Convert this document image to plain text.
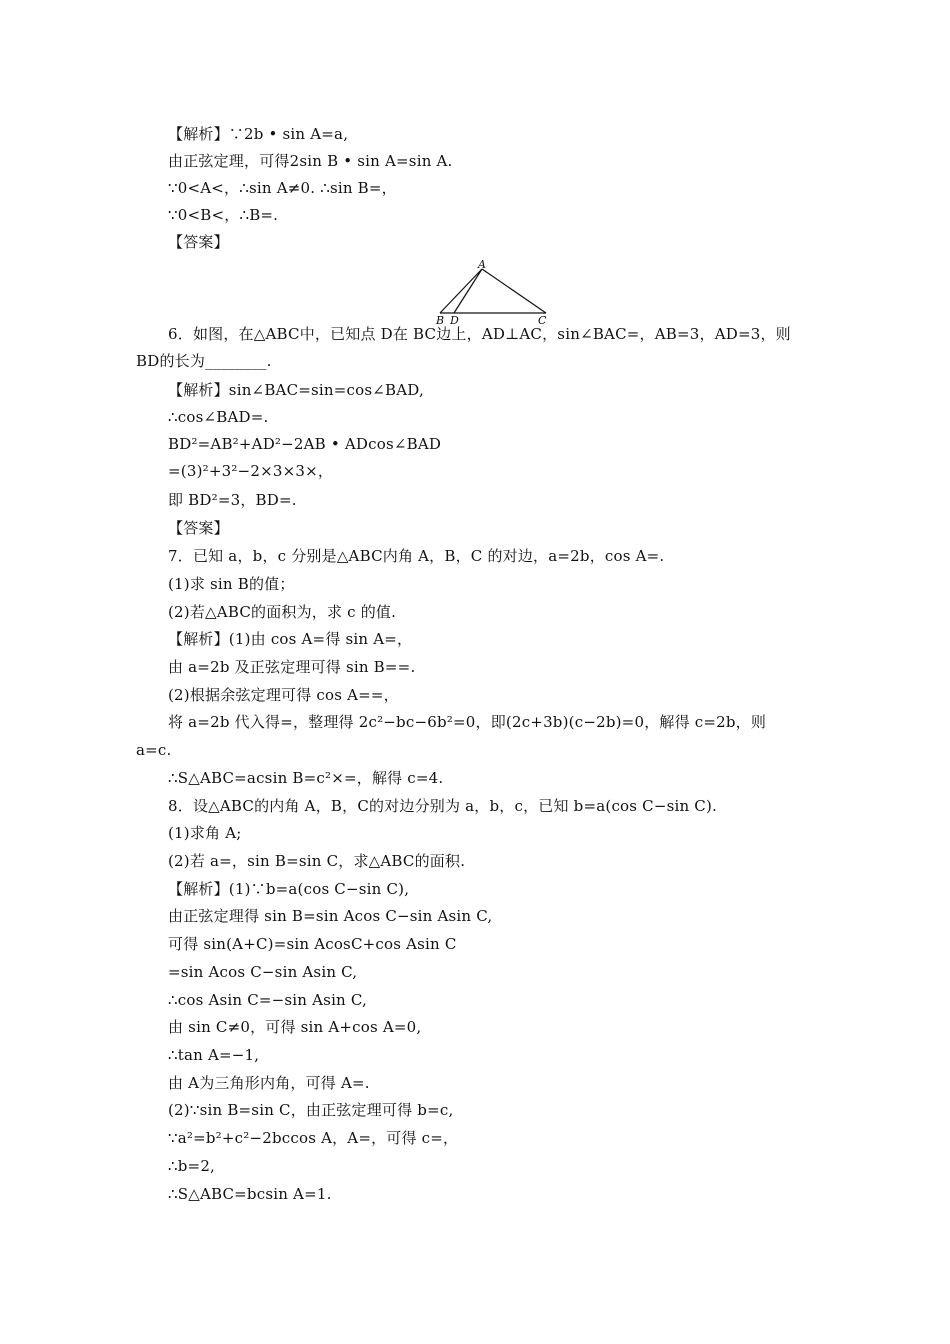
【解析】∵2b • sin A=a,
由正弦定理，可得2sin B • sin A=sin A.
∵0<A<，∴sin A≠0. ∴sin B=，
∵0<B<，∴B=.
【答案】
A
B D	C
6．如图，在△ABC中，已知点 D在 BC边上，AD⊥AC，sin∠BAC=，AB=3，AD=3，则
BD的长为________.
【解析】sin∠BAC=sin=cos∠BAD,
∴cos∠BAD=.
BD²=AB²+AD²−2AB • ADcos∠BAD
=(3)²+3²−2×3×3×，
即 BD²=3，BD=.
【答案】
7．已知 a，b，c 分别是△ABC内角 A，B，C 的对边，a=2b，cos A=.
(1)求 sin B的值；
(2)若△ABC的面积为，求 c 的值.
【解析】(1)由 cos A=得 sin A=，
由 a=2b 及正弦定理可得 sin B==.
(2)根据余弦定理可得 cos A==，
将 a=2b 代入得=，整理得 2c²−bc−6b²=0，即(2c+3b)(c−2b)=0，解得 c=2b，则
a=c.
∴S△ABC=acsin B=c²×=，解得 c=4.
8．设△ABC的内角 A，B，C的对边分别为 a，b，c，已知 b=a(cos C−sin C).
(1)求角 A;
(2)若 a=，sin B=sin C，求△ABC的面积.
【解析】(1)∵b=a(cos C−sin C),
由正弦定理得 sin B=sin Acos C−sin Asin C,
可得 sin(A+C)=sin AcosC+cos Asin C
=sin Acos C−sin Asin C,
∴cos Asin C=−sin Asin C,
由 sin C≠0，可得 sin A+cos A=0,
∴tan A=−1,
由 A为三角形内角，可得 A=.
(2)∵sin B=sin C，由正弦定理可得 b=c,
∵a²=b²+c²−2bccos A，A=，可得 c=，
∴b=2,
∴S△ABC=bcsin A=1.
